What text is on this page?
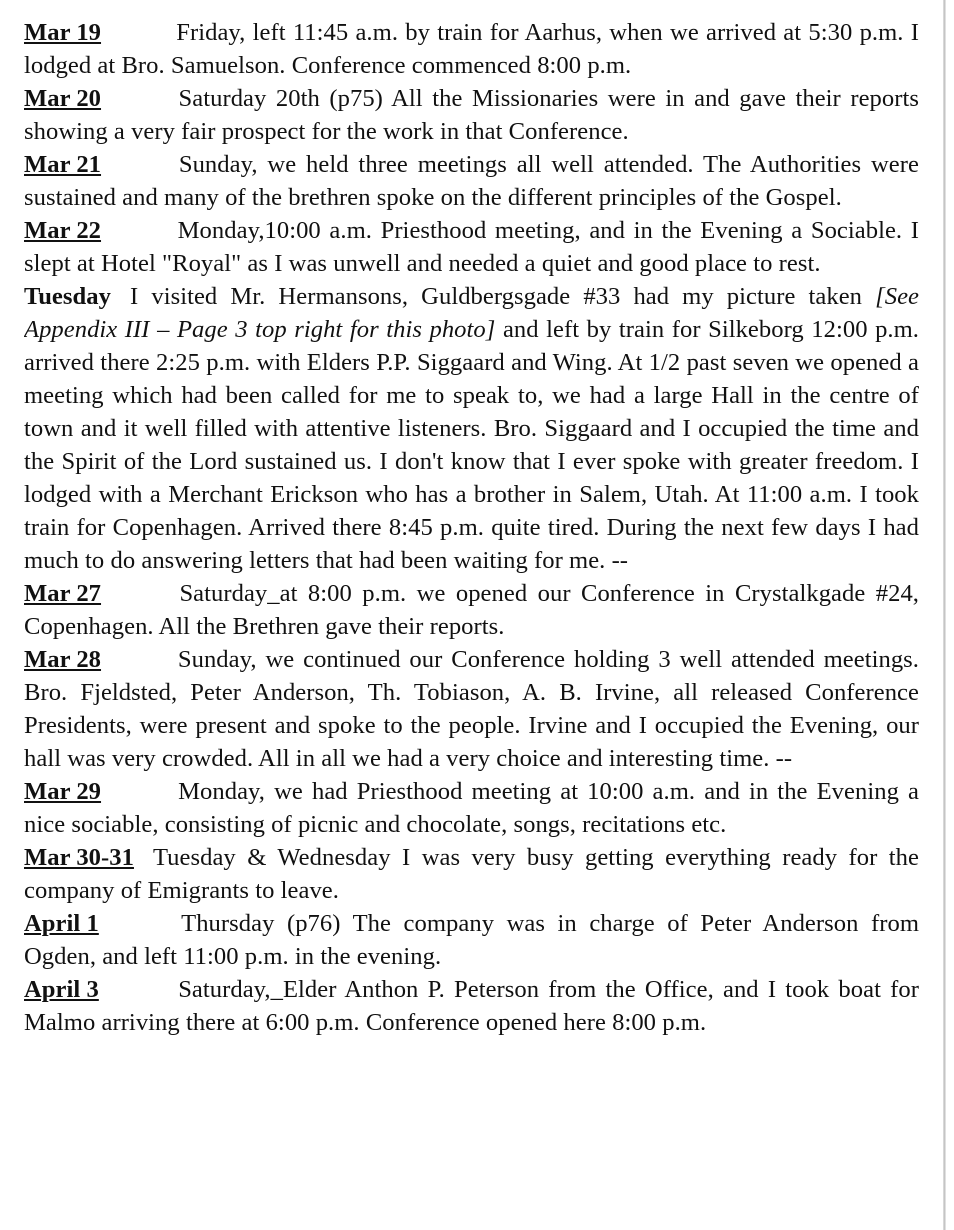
Mar 19	Friday, left 11:45 a.m. by train for Aarhus, when we arrived at 5:30 p.m. I lodged at Bro. Samuelson. Conference commenced 8:00 p.m.

Mar 20	Saturday 20th (p75) All the Missionaries were in and gave their reports showing a very fair prospect for the work in that Conference.

Mar 21	Sunday, we held three meetings all well attended. The Authorities were sustained and many of the brethren spoke on the different principles of the Gospel.

Mar 22	Monday,10:00 a.m. Priesthood meeting, and in the Evening a Sociable. I slept at Hotel "Royal" as I was unwell and needed a quiet and good place to rest.

Tuesday I visited Mr. Hermansons, Guldbergsgade #33 had my picture taken [See Appendix III – Page 3 top right for this photo] and left by train for Silkeborg 12:00 p.m. arrived there 2:25 p.m. with Elders P.P. Siggaard and Wing. At 1/2 past seven we opened a meeting which had been called for me to speak to, we had a large Hall in the centre of town and it well filled with attentive listeners. Bro. Siggaard and I occupied the time and the Spirit of the Lord sustained us. I don't know that I ever spoke with greater freedom. I lodged with a Merchant Erickson who has a brother in Salem, Utah. At 11:00 a.m. I took train for Copenhagen. Arrived there 8:45 p.m. quite tired. During the next few days I had much to do answering letters that had been waiting for me. --

Mar 27	Saturday_at 8:00 p.m. we opened our Conference in Crystalkgade #24, Copenhagen. All the Brethren gave their reports.

Mar 28	Sunday, we continued our Conference holding 3 well attended meetings. Bro. Fjeldsted, Peter Anderson, Th. Tobiason, A. B. Irvine, all released Conference Presidents, were present and spoke to the people. Irvine and I occupied the Evening, our hall was very crowded. All in all we had a very choice and interesting time. --

Mar 29	Monday, we had Priesthood meeting at 10:00 a.m. and in the Evening a nice sociable, consisting of picnic and chocolate, songs, recitations etc.

Mar 30-31 Tuesday & Wednesday I was very busy getting everything ready for the company of Emigrants to leave.

April 1	Thursday (p76) The company was in charge of Peter Anderson from Ogden, and left 11:00 p.m. in the evening.

April 3	Saturday,_Elder Anthon P. Peterson from the Office, and I took boat for Malmo arriving there at 6:00 p.m. Conference opened here 8:00 p.m.
